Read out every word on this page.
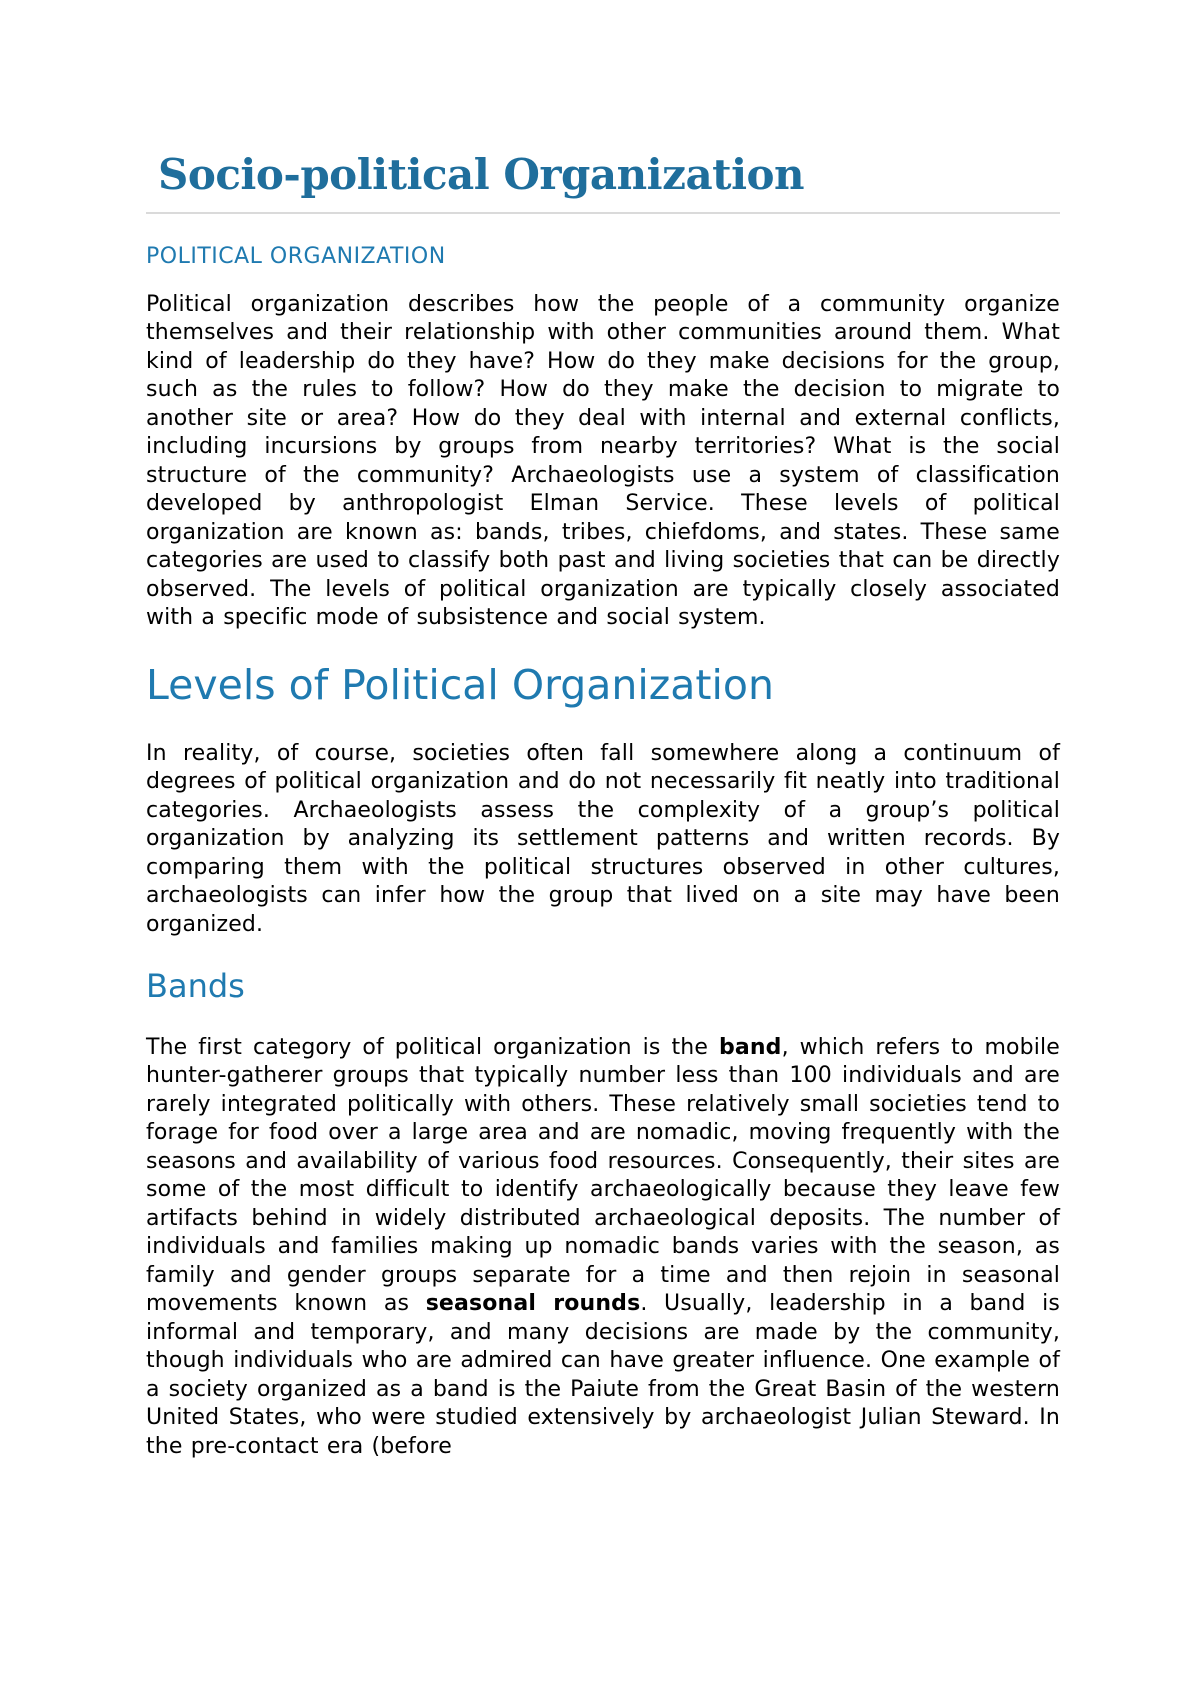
Socio-political Organization
POLITICAL ORGANIZATION

Political organization describes how the people of a community organize themselves and their relationship with other communities around them. What kind of leadership do they have? How do they make decisions for the group, such as the rules to follow? How do they make the decision to migrate to another site or area? How do they deal with internal and external conflicts, including incursions by groups from nearby territories? What is the social structure of the community? Archaeologists use a system of classification developed by anthropologist Elman Service. These levels of political organization are known as: bands, tribes, chiefdoms, and states. These same categories are used to classify both past and living societies that can be directly observed. The levels of political organization are typically closely associated with a specific mode of subsistence and social system.

Levels of Political Organization

In reality, of course, societies often fall somewhere along a continuum of degrees of political organization and do not necessarily fit neatly into traditional categories. Archaeologists assess the complexity of a group’s political organization by analyzing its settlement patterns and written records. By comparing them with the political structures observed in other cultures, archaeologists can infer how the group that lived on a site may have been organized.

Bands

The first category of political organization is the band, which refers to mobile hunter-gatherer groups that typically number less than 100 individuals and are rarely integrated politically with others. These relatively small societies tend to forage for food over a large area and are nomadic, moving frequently with the seasons and availability of various food resources. Consequently, their sites are some of the most difficult to identify archaeologically because they leave few artifacts behind in widely distributed archaeological deposits. The number of individuals and families making up nomadic bands varies with the season, as family and gender groups separate for a time and then rejoin in seasonal movements known as seasonal rounds. Usually, leadership in a band is informal and temporary, and many decisions are made by the community, though individuals who are admired can have greater influence. One example of a society organized as a band is the Paiute from the Great Basin of the western United States, who were studied extensively by archaeologist Julian Steward. In the pre-contact era (before
